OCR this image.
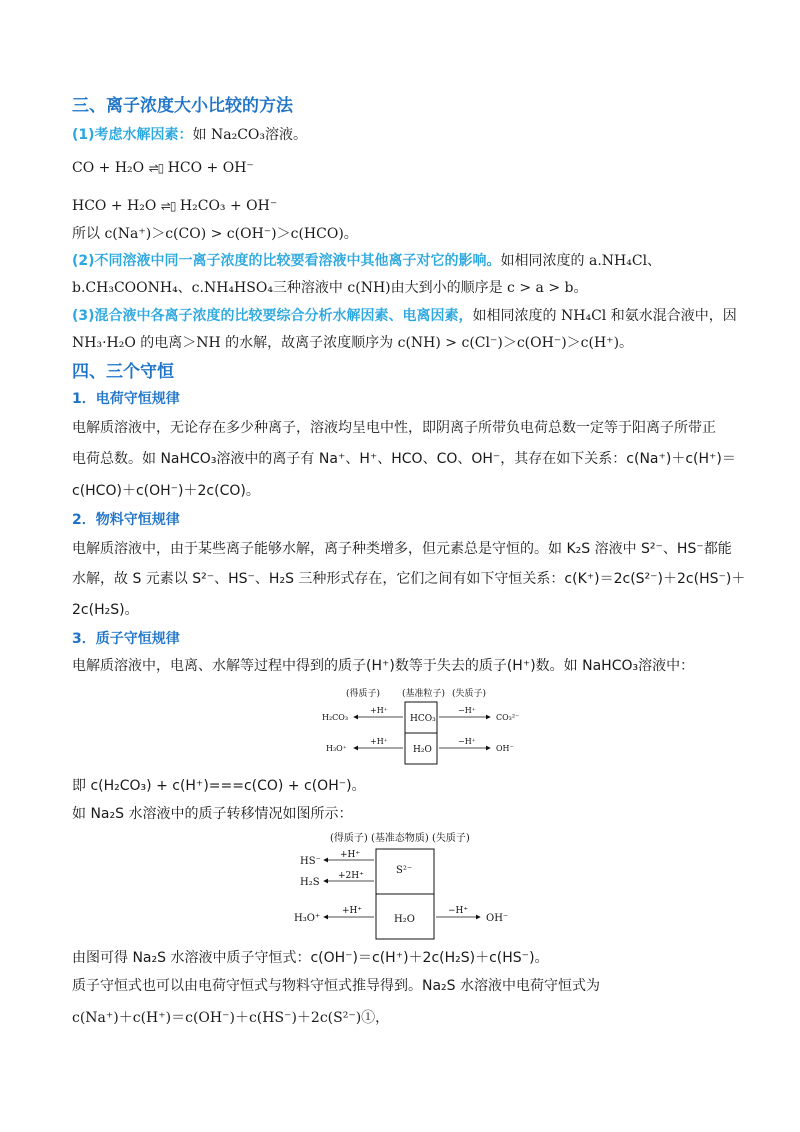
三、离子浓度大小比较的方法
(1)考虑水解因素：如 Na₂CO₃溶液。
CO + H₂O ⇌▯ HCO + OH⁻
HCO + H₂O ⇌▯ H₂CO₃ + OH⁻
所以 c(Na⁺)＞c(CO) > c(OH⁻)＞c(HCO)。
(2)不同溶液中同一离子浓度的比较要看溶液中其他离子对它的影响。如相同浓度的 a.NH₄Cl、
b.CH₃COONH₄、c.NH₄HSO₄三种溶液中 c(NH)由大到小的顺序是 c > a > b。
(3)混合液中各离子浓度的比较要综合分析水解因素、电离因素，如相同浓度的 NH₄Cl 和氨水混合液中，因
NH₃·H₂O 的电离＞NH 的水解，故离子浓度顺序为 c(NH) > c(Cl⁻)＞c(OH⁻)＞c(H⁺)。
四、三个守恒
1．电荷守恒规律
电解质溶液中，无论存在多少种离子，溶液均呈电中性，即阴离子所带负电荷总数一定等于阳离子所带正
电荷总数。如 NaHCO₃溶液中的离子有 Na⁺、H⁺、HCO、CO、OH⁻，其存在如下关系：c(Na⁺)＋c(H⁺)＝
c(HCO)＋c(OH⁻)＋2c(CO)。
2．物料守恒规律
电解质溶液中，由于某些离子能够水解，离子种类增多，但元素总是守恒的。如 K₂S 溶液中 S²⁻、HS⁻都能
水解，故 S 元素以 S²⁻、HS⁻、H₂S 三种形式存在，它们之间有如下守恒关系：c(K⁺)＝2c(S²⁻)＋2c(HS⁻)＋
2c(H₂S)。
3．质子守恒规律
电解质溶液中，电离、水解等过程中得到的质子(H⁺)数等于失去的质子(H⁺)数。如 NaHCO₃溶液中：
(得质子) (基准粒子) (失质子)
HCO₃
H₂O
H₂CO₃
+H⁺	−H⁺
CO₃²⁻
H₃O⁺
+H⁺	−H⁺
OH⁻
即 c(H₂CO₃) + c(H⁺)===c(CO) + c(OH⁻)。
如 Na₂S 水溶液中的质子转移情况如图所示：
(得质子) (基准态物质) (失质子)
S²⁻
H₂O
HS⁻
+H⁺
H₂S
+2H⁺
H₃O⁺
+H⁺	−H⁺
OH⁻
由图可得 Na₂S 水溶液中质子守恒式：c(OH⁻)＝c(H⁺)＋2c(H₂S)＋c(HS⁻)。
质子守恒式也可以由电荷守恒式与物料守恒式推导得到。Na₂S 水溶液中电荷守恒式为
c(Na⁺)＋c(H⁺)＝c(OH⁻)＋c(HS⁻)＋2c(S²⁻)①，
